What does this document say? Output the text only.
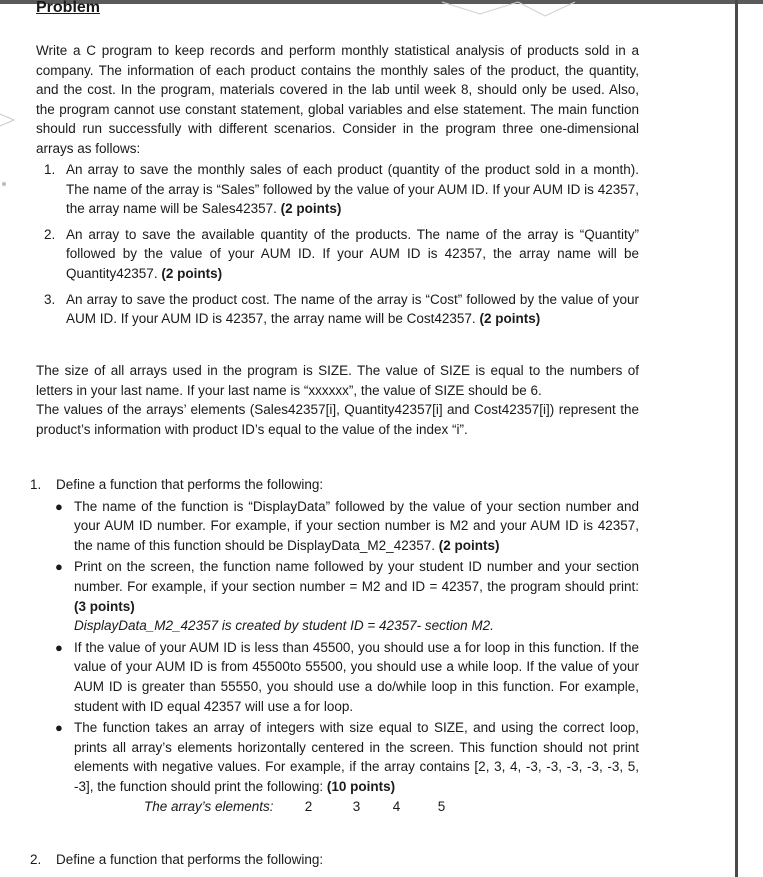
Problem

Write a C program to keep records and perform monthly statistical analysis of products sold in a company. The information of each product contains the monthly sales of the product, the quantity, and the cost. In the program, materials covered in the lab until week 8, should only be used. Also, the program cannot use constant statement, global variables and else statement. The main function should run successfully with different scenarios. Consider in the program three one-dimensional arrays as follows:

1. An array to save the monthly sales of each product (quantity of the product sold in a month). The name of the array is “Sales” followed by the value of your AUM ID. If your AUM ID is 42357, the array name will be Sales42357. (2 points)
2. An array to save the available quantity of the products. The name of the array is “Quantity” followed by the value of your AUM ID. If your AUM ID is 42357, the array name will be Quantity42357. (2 points)
3. An array to save the product cost. The name of the array is “Cost” followed by the value of your AUM ID. If your AUM ID is 42357, the array name will be Cost42357. (2 points)

The size of all arrays used in the program is SIZE. The value of SIZE is equal to the numbers of letters in your last name. If your last name is “xxxxxx”, the value of SIZE should be 6.

The values of the arrays’ elements (Sales42357[i], Quantity42357[i] and Cost42357[i]) represent the product’s information with product ID’s equal to the value of the index “i”.

1. Define a function that performs the following:
● The name of the function is “DisplayData” followed by the value of your section number and your AUM ID number. For example, if your section number is M2 and your AUM ID is 42357, the name of this function should be DisplayData_M2_42357. (2 points)
● Print on the screen, the function name followed by your student ID number and your section number. For example, if your section number = M2 and ID = 42357, the program should print: (3 points)
DisplayData_M2_42357 is created by student ID = 42357- section M2.
● If the value of your AUM ID is less than 45500, you should use a for loop in this function. If the value of your AUM ID is from 45500to 55500, you should use a while loop. If the value of your AUM ID is greater than 55550, you should use a do/while loop in this function. For example, student with ID equal 42357 will use a for loop.
● The function takes an array of integers with size equal to SIZE, and using the correct loop, prints all array’s elements horizontally centered in the screen. This function should not print elements with negative values. For example, if the array contains [2, 3, 4, -3, -3, -3, -3, -3, 5, -3], the function should print the following: (10 points)
The array’s elements: 2	3 4	5
2. Define a function that performs the following:
